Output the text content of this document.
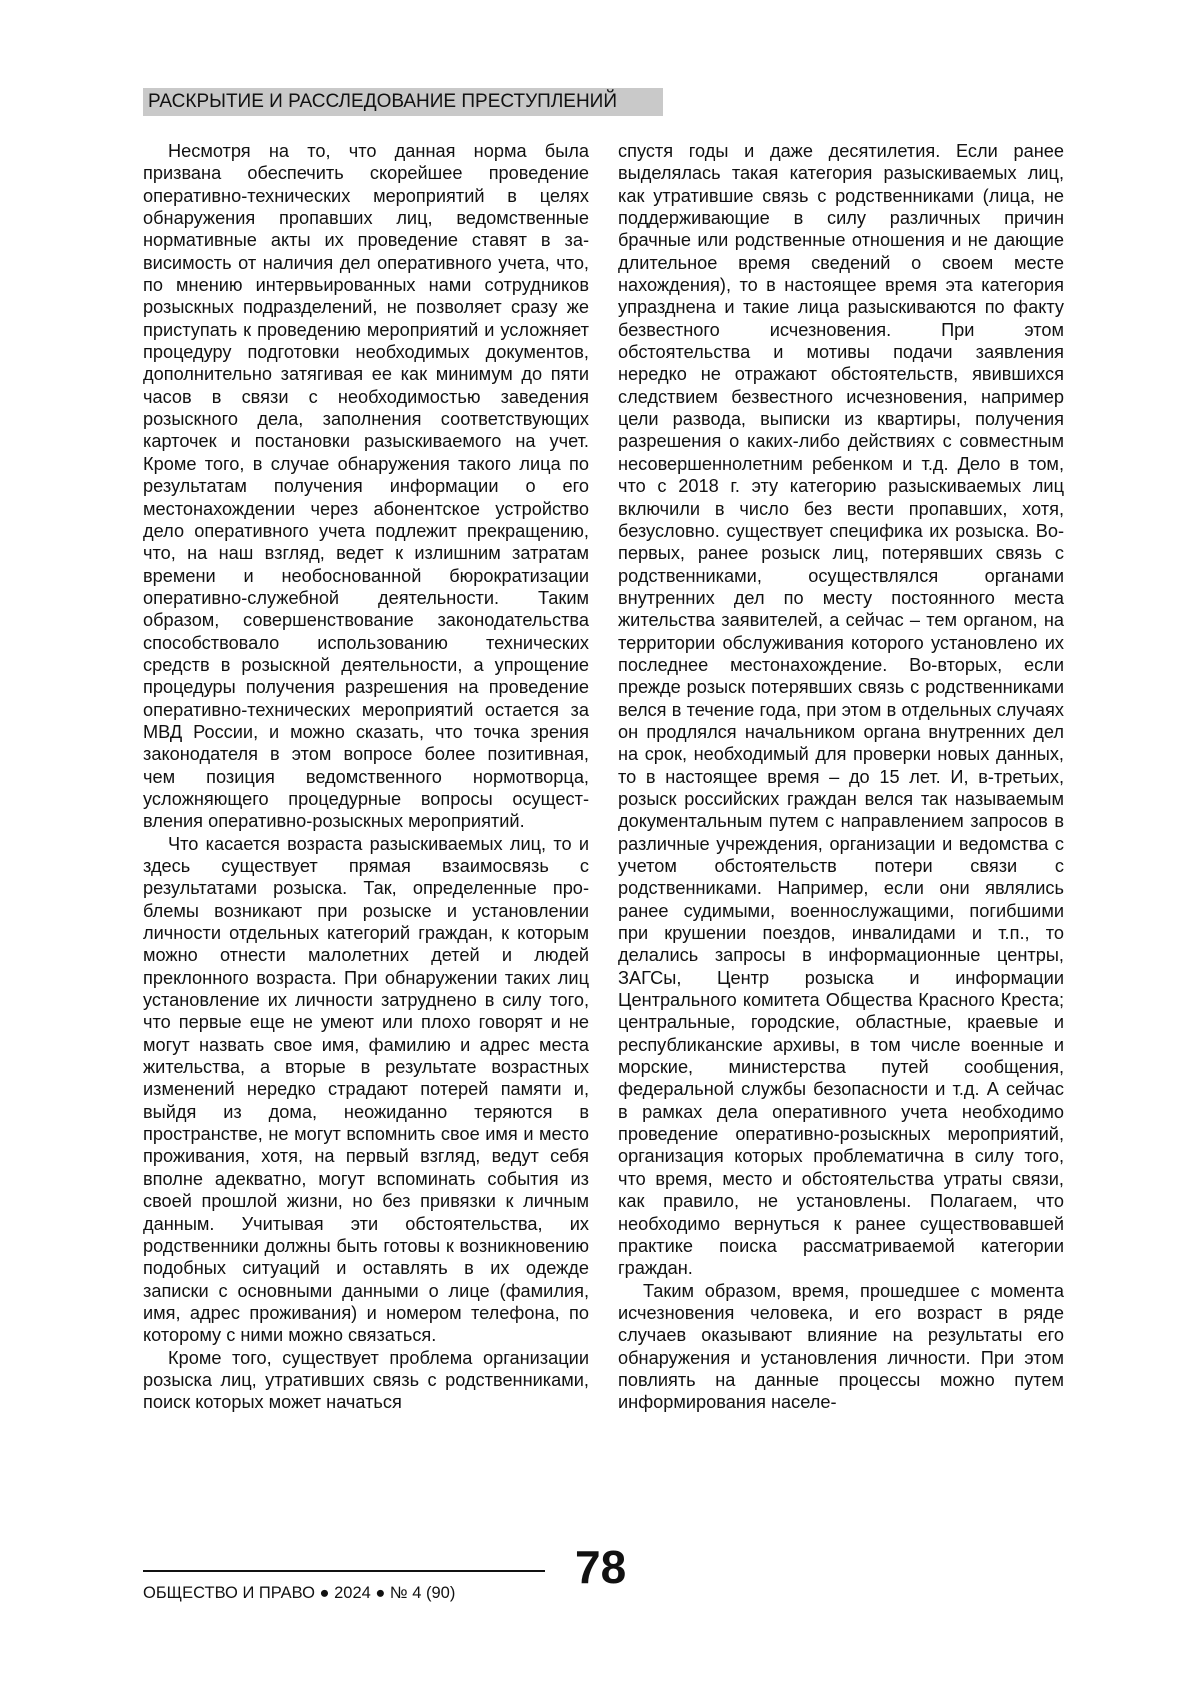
РАСКРЫТИЕ И РАССЛЕДОВАНИЕ ПРЕСТУПЛЕНИЙ

Несмотря на то, что данная норма была призвана обеспечить скорейшее проведение оперативно-технических мероприятий в целях обнаружения пропавших лиц, ведомственные нормативные акты их проведение ставят в за­висимость от наличия дел оперативного учета, что, по мнению интервьированных нами сотруд­ников розыскных подразделений, не позволяет сразу же приступать к проведению мероприя­тий и усложняет процедуру подготовки необхо­димых документов, дополнительно затягивая ее как минимум до пяти часов в связи с необ­ходимостью заведения розыскного дела, запол­нения соответствующих карточек и постановки разыскиваемого на учет. Кроме того, в случае обнаружения такого лица по результатам по­лучения информации о его местонахождении через абонентское устройство дело оператив­ного учета подлежит прекращению, что, на наш взгляд, ведет к излишним затратам времени и необоснованной бюрократизации оперативно-служебной деятельности. Таким образом, со­вершенствование законодательства способ­ствовало использованию технических средств в розыскной деятельности, а упрощение процеду­ры получения разрешения на проведение опе­ративно-технических мероприятий остается за МВД России, и можно сказать, что точка зрения законодателя в этом вопросе более позитив­ная, чем позиция ведомственного нормотворца, усложняющего процедурные вопросы осущест­вления оперативно-розыскных мероприятий.

Что касается возраста разыскиваемых лиц, то и здесь существует прямая взаимосвязь с результатами розыска. Так, определенные про­блемы возникают при розыске и установлении личности отдельных категорий граждан, к кото­рым можно отнести малолетних детей и людей преклонного возраста. При обнаружении таких лиц установление их личности затруднено в силу того, что первые еще не умеют или плохо говорят и не могут назвать свое имя, фамилию и адрес места жительства, а вторые в резуль­тате возрастных изменений нередко страдают потерей памяти и, выйдя из дома, неожиданно теряются в пространстве, не могут вспомнить свое имя и место проживания, хотя, на первый взгляд, ведут себя вполне адекватно, могут вспоминать события из своей прошлой жизни, но без привязки к личным данным. Учитывая эти обстоятельства, их родственники должны быть готовы к возникновению подобных ситу­аций и оставлять в их одежде записки с основ­ными данными о лице (фамилия, имя, адрес проживания) и номером телефона, по которо­му с ними можно связаться.

Кроме того, существует проблема органи­зации розыска лиц, утративших связь с род­ственниками, поиск которых может начаться

спустя годы и даже десятилетия. Если ранее выделялась такая категория разыскиваемых лиц, как утратившие связь с родственниками (лица, не поддерживающие в силу различных причин брачные или родственные отношения и не дающие длительное время сведений о сво­ем месте нахождения), то в настоящее время эта категория упразднена и такие лица разы­скиваются по факту безвестного исчезновения. При этом обстоятельства и мотивы подачи за­явления нередко не отражают обстоятельств, явившихся следствием безвестного исчезно­вения, например цели развода, выписки из квартиры, получения разрешения о каких-либо действиях с совместным несовершеннолетним ребенком и т.д. Дело в том, что с 2018 г. эту ка­тегорию разыскиваемых лиц включили в число без вести пропавших, хотя, безусловно. суще­ствует специфика их розыска. Во-первых, ра­нее розыск лиц, потерявших связь с родствен­никами, осуществлялся органами внутренних дел по месту постоянного места жительства заявителей, а сейчас – тем органом, на тер­ритории обслуживания которого установлено их последнее местонахождение. Во-вторых, если прежде розыск потерявших связь с род­ственниками велся в течение года, при этом в отдельных случаях он продлялся начальником органа внутренних дел на срок, необходимый для проверки новых данных, то в настоящее время – до 15 лет. И, в-третьих, розыск рос­сийских граждан велся так называемым доку­ментальным путем с направлением запросов в различные учреждения, организации и ве­домства с учетом обстоятельств потери связи с родственниками. Например, если они явля­лись ранее судимыми, военнослужащими, по­гибшими при крушении поездов, инвалидами и т.п., то делались запросы в информационные центры, ЗАГСы, Центр розыска и информации Центрального комитета Общества Красного Креста; центральные, городские, областные, краевые и республиканские архивы, в том чис­ле военные и морские, министерства путей со­общения, федеральной службы безопасности и т.д. А сейчас в рамках дела оперативного учета необходимо проведение оперативно-розыскных мероприятий, организация которых проблематична в силу того, что время, место и обстоятельства утраты связи, как правило, не установлены. Полагаем, что необходимо вер­нуться к ранее существовавшей практике поиска рассматриваемой категории граждан.

Таким образом, время, прошедшее с мо­мента исчезновения человека, и его возраст в ряде случаев оказывают влияние на ре­зультаты его обнаружения и установления личности. При этом повлиять на данные про­цессы можно путем информирования населе-

78
ОБЩЕСТВО И ПРАВО ● 2024 ● № 4 (90)
